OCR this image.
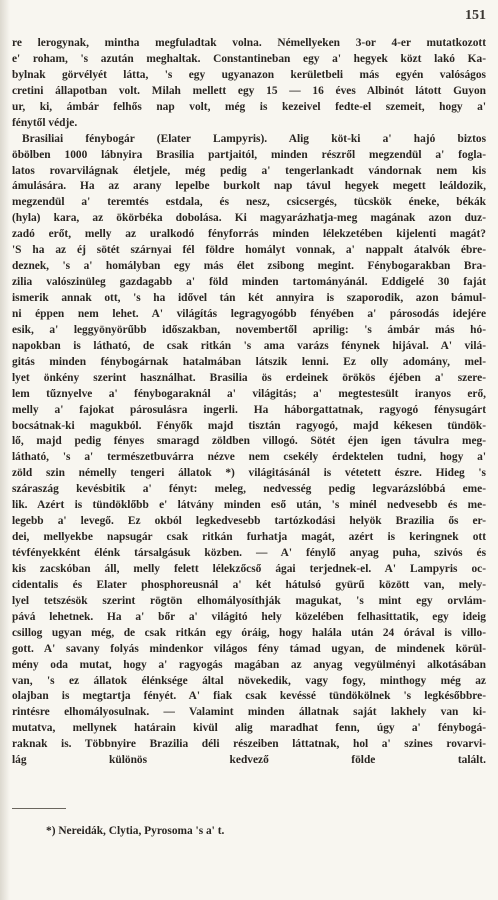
151
re lerogynak, mintha megfuladtak volna. Némellyeken 3-or 4-er mutatkozott
e' roham, 's azután meghaltak. Constantineban egy a' hegyek közt lakó Ka-
bylnak görvélyét látta, 's egy ugyanazon kerületbeli más egyén valóságos
cretini állapotban volt. Milah mellett egy 15 — 16 éves Albinót látott Guyon
ur, ki, ámbár felhős nap volt, még is kezeivel fedte-el szemeit, hogy a'
fénytől védje.
Brasiliai fénybogár (Elater Lampyris). Alig köt-ki a' hajó biztos
öbölben 1000 lábnyira Brasilia partjaitól, minden részről megzendül a' fogla-
latos rovarvilágnak életjele, még pedig a' tengerlankadt vándornak nem kis
ámulására. Ha az arany lepelbe burkolt nap távul hegyek megett leáldozik,
megzendül a' teremtés estdala, és nesz, csicsergés, tücskök éneke, békák
(hyla) kara, az ökörbéka dobolása. Ki magyarázhatja-meg magának azon duz-
zadó erőt, melly az uralkodó fényforrás minden lélekzetében kijelenti magát?
'S ha az éj sötét szárnyai fél földre homályt vonnak, a' nappalt átalvók ébre-
deznek, 's a' homályban egy más élet zsibong megint. Fénybogarakban Bra-
zilia valószinüleg gazdagabb a' föld minden tartományánál. Eddigelé 30 faját
ismerik annak ott, 's ha idővel tán két annyira is szaporodik, azon bámul-
ni éppen nem lehet. A' világítás legragyogóbb fényében a' párosodás idejére
esik, a' leggyönyörűbb időszakban, novembertől aprilig: 's ámbár más hó-
napokban is látható, de csak ritkán 's ama varázs fénynek hijával. A' vilá-
gitás minden fénybogárnak hatalmában látszik lenni. Ez olly adomány, mel-
lyet önkény szerint használhat. Brasilia ös erdeinek örökös éjében a' szere-
lem tűznyelve a' fénybogaraknál a' világitás; a' megtestesült iranyos erő,
melly a' fajokat párosulásra ingerli. Ha háborgattatnak, ragyogó fénysugárt
bocsátnak-ki magukból. Fényők majd tisztán ragyogó, majd kékesen tündök-
lő, majd pedig fényes smaragd zöldben villogó. Sötét éjen igen távulra meg-
látható, 's a' természetbuvárra nézve nem csekély érdektelen tudni, hogy a'
zöld szin némelly tengeri állatok *) világitásánál is vétetett észre. Hideg 's
száraszág kevésbitik a' fényt: meleg, nedvesség pedig legvarázslóbbá eme-
lik. Azért is tündöklőbb e' látvány minden eső után, 's minél nedvesebb és me-
legebb a' levegő. Ez okból legkedvesebb tartózkodási helyök Brazilia ős er-
dei, mellyekbe napsugár csak ritkán furhatja magát, azért is keringnek ott
tévfényekként élénk társalgásuk közben. — A' fénylő anyag puha, szivós és
kis zacskóban áll, melly felett lélekzőcső ágai terjednek-el. A' Lampyris oc-
cidentalis és Elater phosphoreusnál a' két hátulsó gyürű között van, mely-
lyel tetszésök szerint rögtön elhomályosíthják magukat, 's mint egy orvlám-
pává lehetnek. Ha a' bőr a' világitó hely közelében felhasittatik, egy ideig
csillog ugyan még, de csak ritkán egy óráig, hogy halála után 24 órával is villo-
gott. A' savany folyás mindenkor világos fény támad ugyan, de mindenek körül-
mény oda mutat, hogy a' ragyogás magában az anyag vegyülményi alkotásában
van, 's ez állatok élénksége által növekedik, vagy fogy, minthogy még az
olajban is megtartja fényét. A' fiak csak kevéssé tündökölnek 's legkésőbbre-
rintésre elhomályosulnak. — Valamint minden állatnak saját lakhely van ki-
mutatva, mellynek határain kivül alig maradhat fenn, úgy a' fénybogá-
raknak is. Többnyire Brazilia déli részeiben láttatnak, hol a' szines rovarvi-
lág különös kedvező földe talált.
*) Nereidák, Clytia, Pyrosoma 's a' t.
